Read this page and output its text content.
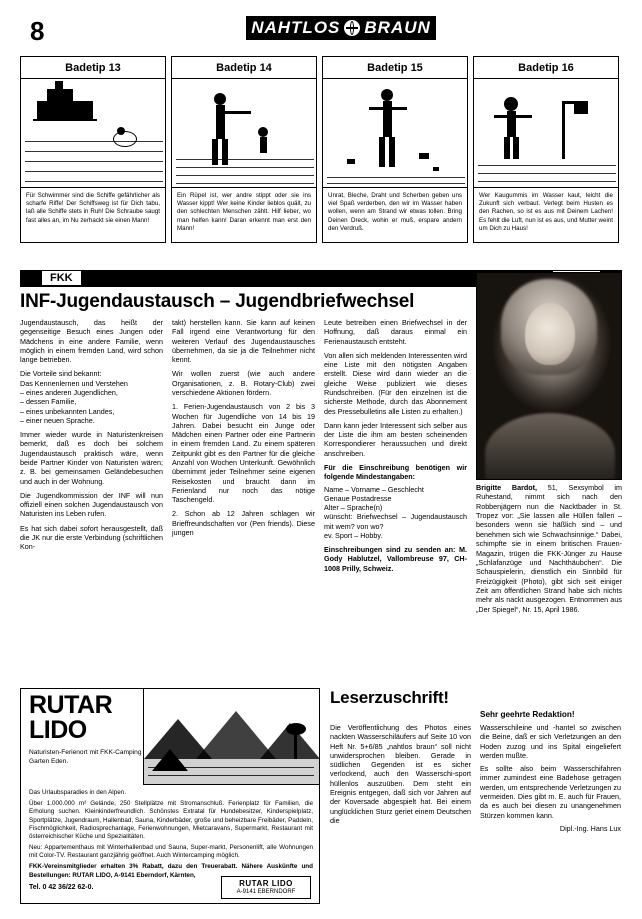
8	NAHTLOS BRAUN
Badetip 13
Für Schwimmer sind die Schiffe gefährlicher als scharfe Riffe! Der Schiffsweg ist für Dich tabu, laß alle Schiffe stets in Ruh! Die Schraube saugt fast alles an, im Nu zerhackt sie einen Mann!
Badetip 14
Ein Rüpel ist, wer andre stippt oder sie ins Wasser kippt! Wer keine Kinder lieblos quält, zu den schlechten Menschen zählt. Hilf lieber, wo man helfen kann! Daran erkennt man erst den Mann!
Badetip 15
Unrat, Bleche, Draht und Scherben geben uns viel Spaß verderben, den wir im Wasser haben wollen, wenn am Strand wir etwas tollen. Bring Deinen Dreck, wohin er muß, erspare andern den Verdruß.
Badetip 16
Wer Kaugummis im Wasser kaut, leicht die Zukunft sich verbaut. Verlegt beim Husten es den Rachen, so ist es aus mit Deinem Lachen! Es fehlt die Luft, nun ist es aus, und Mutter weint um Dich zu Haus!
FKK
INF-Jugendaustausch – Jugendbriefwechsel

Jugendaustausch, das heißt der gegenseitige Besuch eines Jungen oder Mädchens in eine andere Familie, wenn möglich in einem fremden Land, wird schon lange betrieben.

Die Vorteile sind bekannt:

Das Kennenlernen und Verstehen

– eines anderen Jugendlichen,

– dessen Familie,

– eines unbekannten Landes,

– einer neuen Sprache.

Immer wieder wurde in Naturistenkreisen bemerkt, daß es doch bei solchem Jugendaustausch praktisch wäre, wenn beide Partner Kinder von Naturisten wären; z. B. bei gemeinsamen Geländebesuchen und auch in der Wohnung.

Die Jugendkommission der INF will nun offiziell einen solchen Jugendaustausch von Naturisten ins Leben rufen.

Es hat sich dabei sofort herausgestellt, daß die JK nur die erste Verbindung (schriftlichen Kon-

takt) herstellen kann. Sie kann auf keinen Fall irgend eine Verantwortung für den weiteren Verlauf des Jugendaustausches übernehmen, da sie ja die Teilnehmer nicht kennt.

Wir wollen zuerst (wie auch andere Organisationen, z. B. Rotary-Club) zwei verschiedene Aktionen fördern.

1. Ferien-Jugendaustausch von 2 bis 3 Wochen für Jugendliche von 14 bis 19 Jahren. Dabei besucht ein Junge oder Mädchen einen Partner oder eine Partnerin in einem fremden Land. Zu einem späteren Zeitpunkt gibt es den Partner für die gleiche Anzahl von Wochen Unterkunft. Gewöhnlich übernimmt jeder Teilnehmer seine eigenen Reisekosten und braucht dann im Ferienland nur noch das nötige Taschengeld.

2. Schon ab 12 Jahren schlagen wir Brieffreundschaften vor (Pen friends). Diese jungen

Leute betreiben einen Briefwechsel in der Hoffnung, daß daraus einmal ein Ferienaustausch entsteht.

Von allen sich meldenden Interessenten wird eine Liste mit den nötigsten Angaben erstellt. Diese wird dann wieder an die gleiche Weise publiziert wie dieses Rundschreiben. (Für den einzelnen ist die sicherste Methode, durch das Abonnement des Pressebulletins alle Listen zu erhalten.)

Dann kann jeder Interessent sich selber aus der Liste die ihm am besten scheinenden Korrespondierer heraussuchen und direkt anschreiben.

Für die Einschreibung benötigen wir folgende Mindestangaben:

Name – Vorname – Geschlecht

Genaue Postadresse

Alter – Sprache(n)

wünscht: Briefwechsel – Jugendaustausch mit wem? von wo?

ev. Sport – Hobby.

Einschreibungen sind zu senden an: M. Gody Hablutzel, Vallombreuse 97, CH-1008 Prilly, Schweiz.

Brigitte Bardot, 51, Sexsymbol im Ruhestand, nimmt sich nach den Robbenjägern nun die Nacktbader in St. Tropez vor: „Sie lassen alle Hüllen fallen – besonders wenn sie häßlich sind – und benehmen sich wie Schwachsinnige.“ Dabei, schimpfte sie in einem britischen Frauen-Magazin, trügen die FKK-Jünger zu Hause „Schlafanzüge und Nachthäubchen“. Die Schauspielerin, dienstlich ein Sinnbild für Freizügigkeit (Photo), gibt sich seit einiger Zeit am öffentlichen Strand habe sich nichts mehr als nackt ausgezogen. Entnommen aus „Der Spiegel“, Nr. 15, April 1986.
RUTAR
LIDO
Naturisten-Ferienort mit FKK-Camping Garten Eden.
RUTAR LIDO
A-9141 EBERNDORF

Das Urlaubsparadies in den Alpen.

Über 1.000.000 m² Gelände, 250 Stellplätze mit Stromanschluß. Ferienplatz für Familien, die Erholung suchen. Kleinkinderfreundlich. Schönstes Extratal für Hundebesitzer, Kinderspielplatz, Sportplätze, Jugendraum, Hallenbad, Sauna, Kinderbäder, große und beheizbare Freibäder, Paddeln, Fischmöglichkeit, Radiosprechanlage, Ferienwohnungen, Mietcaravans, Supermarkt, Restaurant mit österreichischer Küche und Spezialitäten.

Neu: Appartementhaus mit Winterhallenbad und Sauna, Super-markt, Personenlift, alle Wohnungen mit Color-TV. Restaurant ganzjährig geöffnet. Auch Wintercamping möglich.

FKK-Vereinsmitglieder erhalten 3% Rabatt, dazu den Treuerabatt. Nähere Auskünfte und Bestellungen: RUTAR LIDO, A-9141 Eberndorf, Kärnten,

Tel. 0 42 36/22 62-0.

Leserzuschrift!
Sehr geehrte Redaktion!

Die Veröffentlichung des Photos eines nackten Wasserschiläufers auf Seite 10 von Heft Nr. 5+6/85 „nahtlos braun“ soll nicht unwidersprochen bleiben. Gerade in südlichen Gegenden ist es sicher verlockend, auch den Wasserschi-sport hüllenlos auszuüben. Dem steht ein Ereignis entgegen, daß sich vor Jahren auf der Koversade abgespielt hat. Bei einem unglücklichen Sturz geriet einem Deutschen die

Wasserschileine und -hantel so zwischen die Beine, daß er sich Verletzungen an den Hoden zuzog und ins Spital eingeliefert werden mußte.

Es sollte also beim Wasserschifahren immer zumindest eine Badehose getragen werden, um entsprechende Verletzungen zu vermeiden. Dies gibt m. E. auch für Frauen, da es auch bei diesen zu unangenehmen Stürzen kommen kann.

Dipl.-Ing. Hans Lux
